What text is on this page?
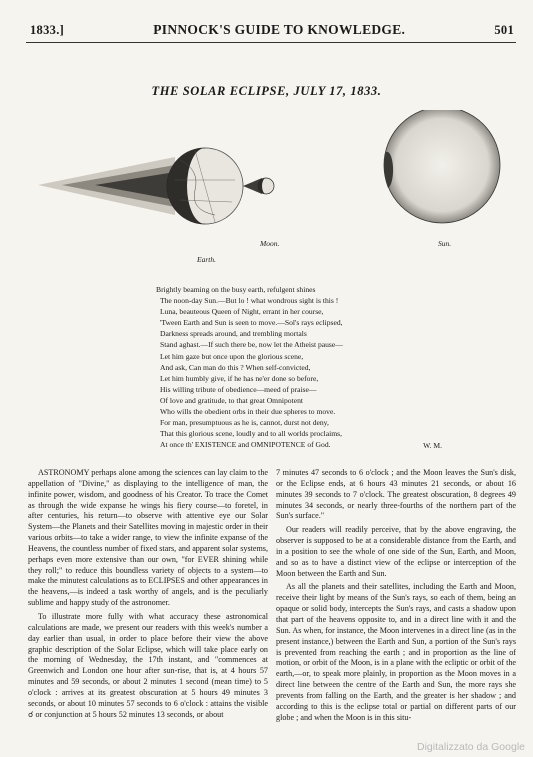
1833.]	PINNOCK'S GUIDE TO KNOWLEDGE.	501
THE SOLAR ECLIPSE, JULY 17, 1833.
Earth.
Moon.	Sun.
Brightly beaming on the busy earth, refulgent shines
The noon-day Sun.—But lo ! what wondrous sight is this !
Luna, beauteous Queen of Night, errant in her course,
'Tween Earth and Sun is seen to move.—Sol's rays eclipsed,
Darkness spreads around, and trembling mortals
Stand aghast.—If such there be, now let the Atheist pause—
Let him gaze but once upon the glorious scene,
And ask, Can man do this ? When self-convicted,
Let him humbly give, if he has ne'er done so before,
His willing tribute of obedience—meed of praise—
Of love and gratitude, to that great Omnipotent
Who wills the obedient orbs in their due spheres to move.
For man, presumptuous as he is, cannot, durst not deny,
That this glorious scene, loudly and to all worlds proclaims,
At once th' EXISTENCE and OMNIPOTENCE of God.	W. M.

ASTRONOMY perhaps alone among the sciences can lay claim to the appellation of "Divine," as displaying to the intelligence of man, the infinite power, wisdom, and goodness of his Creator. To trace the Comet as through the wide expanse he wings his fiery course—to foretel, in after centuries, his return—to observe with attentive eye our Solar System—the Planets and their Satellites moving in majestic order in their various orbits—to take a wider range, to view the infinite expanse of the Heavens, the countless number of fixed stars, and apparent solar systems, perhaps even more extensive than our own, "for EVER shining while they roll;" to reduce this boundless variety of objects to a system—to make the minutest calculations as to ECLIPSES and other appearances in the heavens,—is indeed a task worthy of angels, and is the peculiarly sublime and happy study of the astronomer.

To illustrate more fully with what accuracy these astronomical calculations are made, we present our readers with this week's number a day earlier than usual, in order to place before their view the above graphic description of the Solar Eclipse, which will take place early on the morning of Wednesday, the 17th instant, and "commences at Greenwich and London one hour after sun-rise, that is, at 4 hours 57 minutes and 59 seconds, or about 2 minutes 1 second (mean time) to 5 o'clock : arrives at its greatest obscuration at 5 hours 49 minutes 3 seconds, or about 10 minutes 57 seconds to 6 o'clock : attains the visible ☌ or conjunction at 5 hours 52 minutes 13 seconds, or about

7 minutes 47 seconds to 6 o'clock ; and the Moon leaves the Sun's disk, or the Eclipse ends, at 6 hours 43 minutes 21 seconds, or about 16 minutes 39 seconds to 7 o'clock. The greatest obscuration, 8 degrees 49 minutes 34 seconds, or nearly three-fourths of the northern part of the Sun's surface."

Our readers will readily perceive, that by the above engraving, the observer is supposed to be at a considerable distance from the Earth, and in a position to see the whole of one side of the Sun, Earth, and Moon, and so as to have a distinct view of the eclipse or interception of the Moon between the Earth and Sun.

As all the planets and their satellites, including the Earth and Moon, receive their light by means of the Sun's rays, so each of them, being an opaque or solid body, intercepts the Sun's rays, and casts a shadow upon that part of the heavens opposite to, and in a direct line with it and the Sun. As when, for instance, the Moon intervenes in a direct line (as in the present instance,) between the Earth and Sun, a portion of the Sun's rays is prevented from reaching the earth ; and in proportion as the line of motion, or orbit of the Moon, is in a plane with the ecliptic or orbit of the earth,—or, to speak more plainly, in proportion as the Moon moves in a direct line between the centre of the Earth and Sun, the more rays she prevents from falling on the Earth, and the greater is her shadow ; and according to this is the eclipse total or partial on different parts of our globe ; and when the Moon is in this situ-

Digitalizzato da Google
